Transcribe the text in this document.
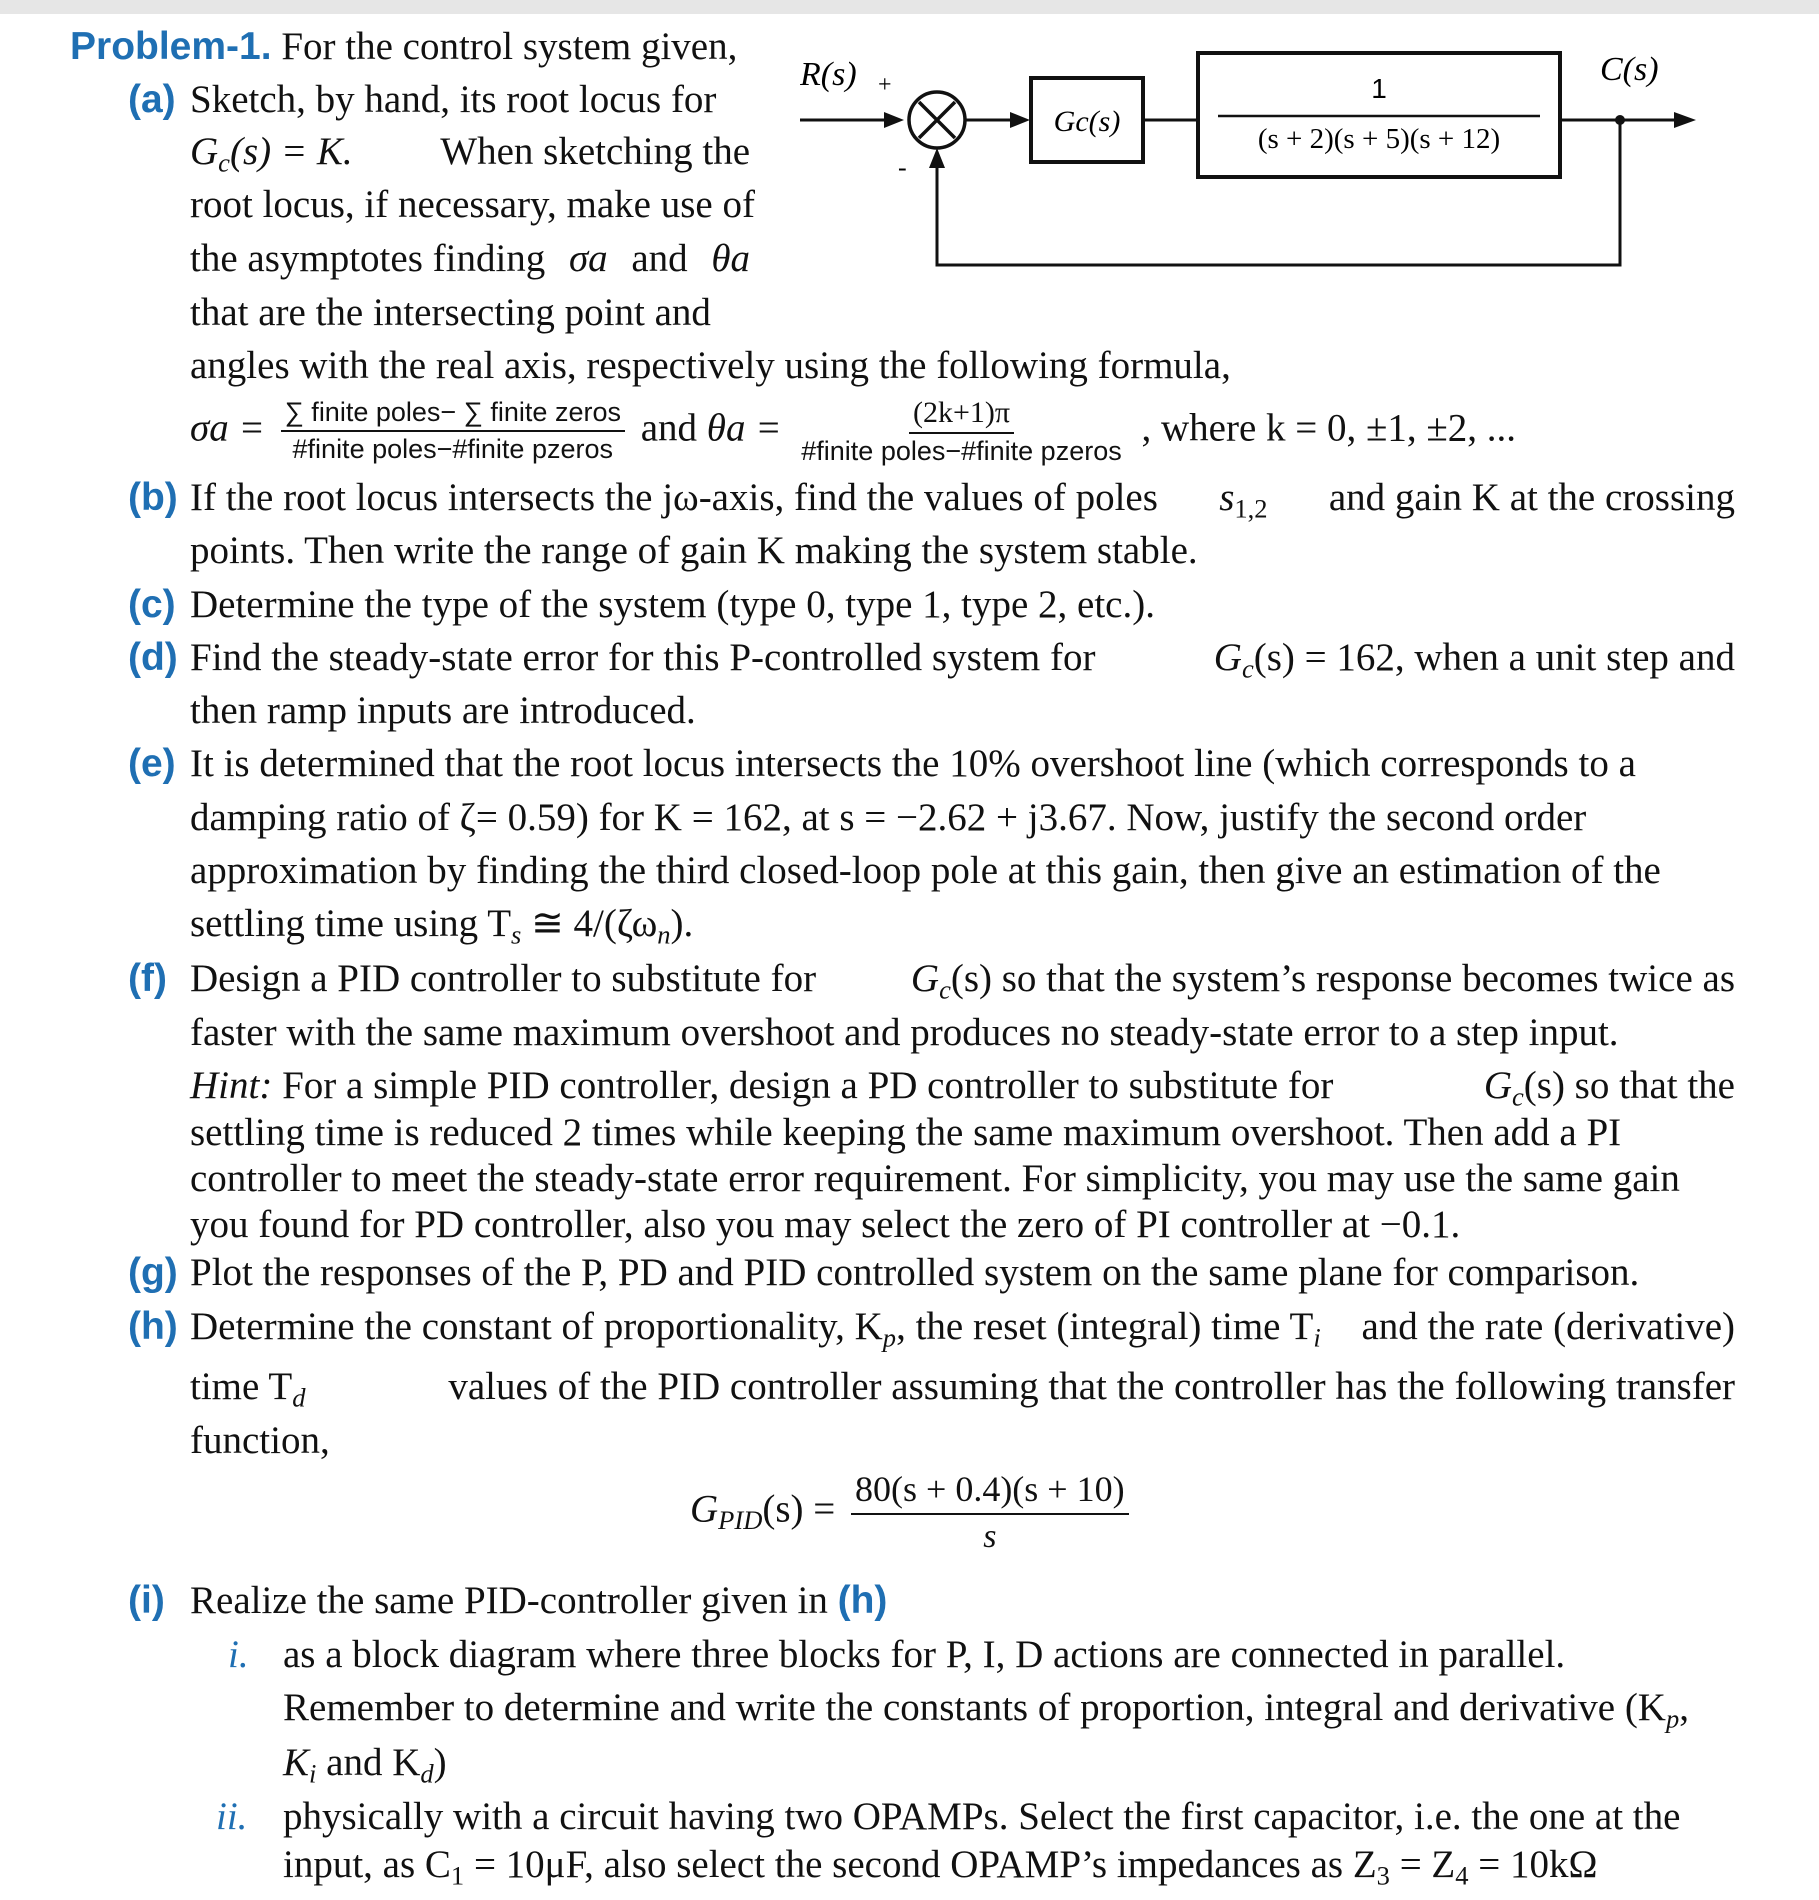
Problem-1. For the control system given,
R(s) +
-
Gc(s)
1
(s + 2)(s + 5)(s + 12)
C(s)
(a) Sketch, by hand, its root locus for
$G_c(s) = K$. When sketching the
root locus, if necessary, make use of
the asymptotes finding σa and θa
that are the intersecting point and
angles with the real axis, respectively using the following formula,
$\sigma a = \frac{\text{∑ finite poles− ∑ finite zeros}}{\text{\#finite poles−\#finite pzeros}}$ and $\theta a = \frac{(2k+1)\pi}{\text{\#finite poles−\#finite pzeros}}$ , where k = 0, ±1, ±2, ...
(b) If the root locus intersects the jω-axis, find the values of poles $s_{1,2}$ and gain K at the crossing
points. Then write the range of gain K making the system stable.
(c) Determine the type of the system (type 0, type 1, type 2, etc.).
(d) Find the steady-state error for this P-controlled system for	$G_c(s) = 162$, when a unit step and
then ramp inputs are introduced.
(e) It is determined that the root locus intersects the 10% overshoot line (which corresponds to a
damping ratio of ζ= 0.59) for K = 162, at s = −2.62 + j3.67. Now, justify the second order
approximation by finding the third closed-loop pole at this gain, then give an estimation of the
settling time using $T_s$ ≅ $4/(\zeta\omega_n)$.
(f) Design a PID controller to substitute for $G_c(s)$ so that the system’s response becomes twice as
faster with the same maximum overshoot and produces no steady-state error to a step input.
Hint: For a simple PID controller, design a PD controller to substitute for	$G_c(s)$ so that the
settling time is reduced 2 times while keeping the same maximum overshoot. Then add a PI
controller to meet the steady-state error requirement. For simplicity, you may use the same gain
you found for PD controller, also you may select the zero of PI controller at −0.1.
(g) Plot the responses of the P, PD and PID controlled system on the same plane for comparison.
(h) Determine the constant of proportionality, $K_p$, the reset (integral) time $T_i$ and the rate (derivative)
time $T_d$	values of the PID controller assuming that the controller has the following transfer
function,
$G_{PID}(s) = \frac{80(s + 0.4)(s + 10)}{s}$
(i) Realize the same PID-controller given in (h)
i. as a block diagram where three blocks for P, I, D actions are connected in parallel.
Remember to determine and write the constants of proportion, integral and derivative ($K_p$,
$K_i$ and $K_d$)
ii. physically with a circuit having two OPAMPs. Select the first capacitor, i.e. the one at the
input, as $C_1 = 10\mu F$, also select the second OPAMP’s impedances as $Z_3 = Z_4 = 10k\Omega$
